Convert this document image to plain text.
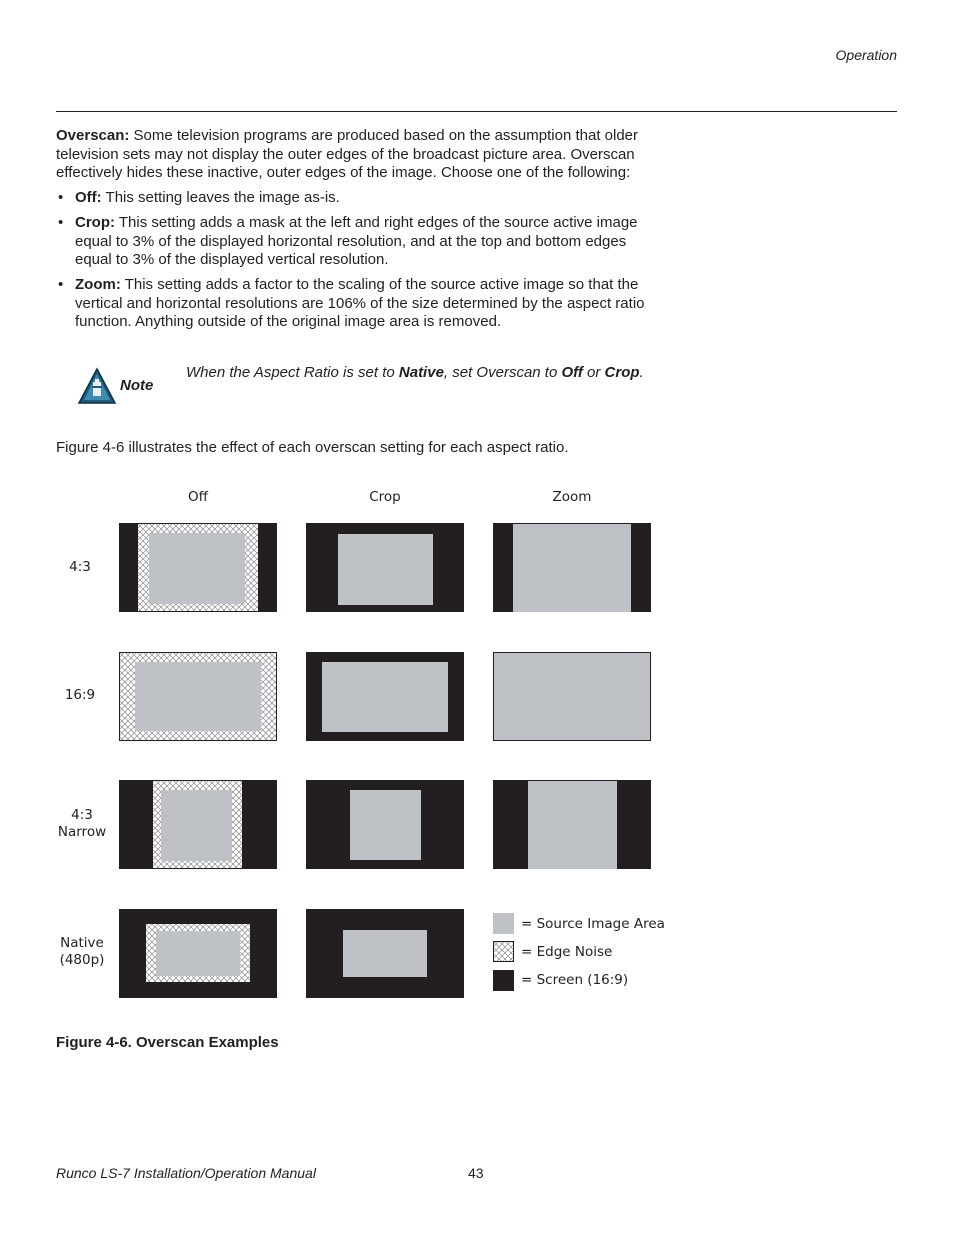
Operation
Overscan: Some television programs are produced based on the assumption that older television sets may not display the outer edges of the broadcast picture area. Overscan effectively hides these inactive, outer edges of the image. Choose one of the following:
• Off: This setting leaves the image as-is.
• Crop: This setting adds a mask at the left and right edges of the source active image equal to 3% of the displayed horizontal resolution, and at the top and bottom edges equal to 3% of the displayed vertical resolution.
• Zoom: This setting adds a factor to the scaling of the source active image so that the vertical and horizontal resolutions are 106% of the size determined by the aspect ratio function. Anything outside of the original image area is removed.
Note
When the Aspect Ratio is set to Native, set Overscan to Off or Crop.
Figure 4-6 illustrates the effect of each overscan setting for each aspect ratio.
Off	Crop	Zoom
4:3
16:9
4:3
Narrow
Native
(480p)
= Source Image Area
= Edge Noise
= Screen (16:9)
Figure 4-6. Overscan Examples
Runco LS-7 Installation/Operation Manual	43
